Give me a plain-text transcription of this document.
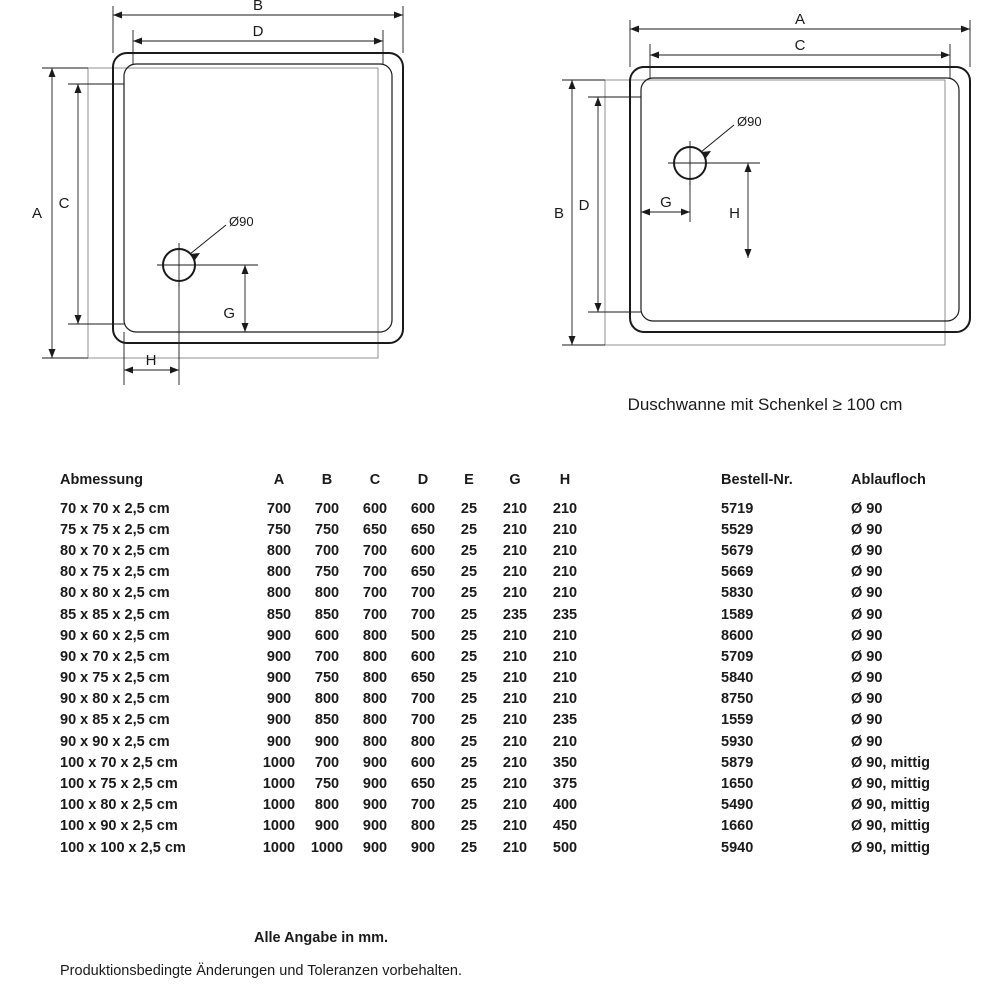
B
D
A
C
Ø90
G
H
A
C
B D
Ø90
G
H
Duschwanne mit Schenkel ≥ 100 cm
Abmessung	A	B	C	D	E	G	H		Bestell-Nr.	Ablaufloch
70 x 70 x 2,5 cm	700	700	600	600	25	210	210		5719	Ø 90
75 x 75 x 2,5 cm	750	750	650	650	25	210	210		5529	Ø 90
80 x 70 x 2,5 cm	800	700	700	600	25	210	210		5679	Ø 90
80 x 75 x 2,5 cm	800	750	700	650	25	210	210		5669	Ø 90
80 x 80 x 2,5 cm	800	800	700	700	25	210	210		5830	Ø 90
85 x 85 x 2,5 cm	850	850	700	700	25	235	235		1589	Ø 90
90 x 60 x 2,5 cm	900	600	800	500	25	210	210		8600	Ø 90
90 x 70 x 2,5 cm	900	700	800	600	25	210	210		5709	Ø 90
90 x 75 x 2,5 cm	900	750	800	650	25	210	210		5840	Ø 90
90 x 80 x 2,5 cm	900	800	800	700	25	210	210		8750	Ø 90
90 x 85 x 2,5 cm	900	850	800	700	25	210	235		1559	Ø 90
90 x 90 x 2,5 cm	900	900	800	800	25	210	210		5930	Ø 90
100 x 70 x 2,5 cm	1000	700	900	600	25	210	350		5879	Ø 90, mittig
100 x 75 x 2,5 cm	1000	750	900	650	25	210	375		1650	Ø 90, mittig
100 x 80 x 2,5 cm	1000	800	900	700	25	210	400		5490	Ø 90, mittig
100 x 90 x 2,5 cm	1000	900	900	800	25	210	450		1660	Ø 90, mittig
100 x 100 x 2,5 cm	1000	1000	900	900	25	210	500		5940	Ø 90, mittig
Alle Angabe in mm.
Produktionsbedingte Änderungen und Toleranzen vorbehalten.
